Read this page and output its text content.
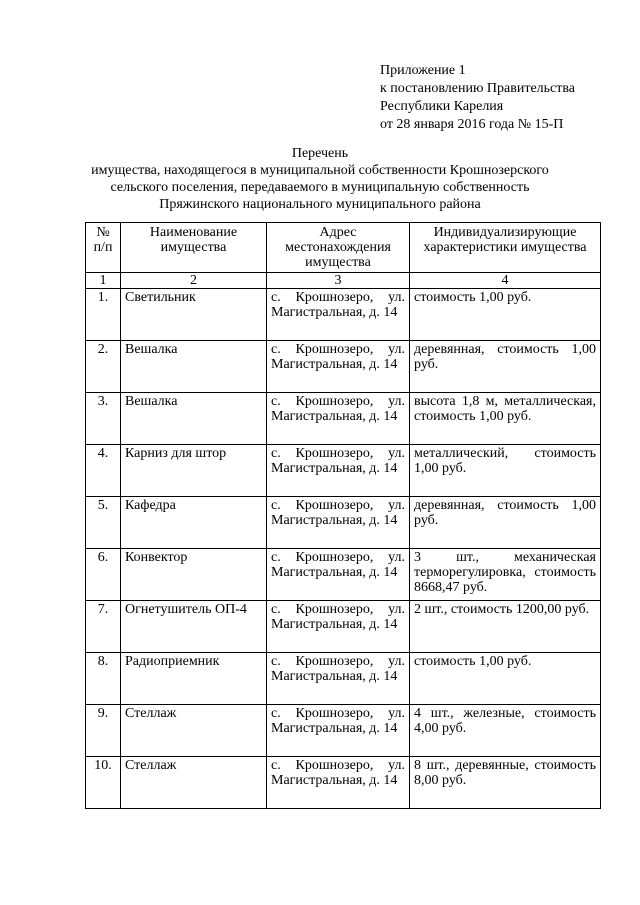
Приложение 1
к постановлению Правительства
Республики Карелия
от 28 января 2016 года № 15-П
Перечень
имущества, находящегося в муниципальной собственности Крошнозерского
сельского поселения, передаваемого в муниципальную собственность
Пряжинского национального муниципального района
№ п/п	Наименование имущества	Адрес местонахождения имущества	Индивидуализирующие характеристики имущества
1	2	3	4
1.	Светильник	с. Крошнозеро, ул. Магистральная, д. 14	стоимость 1,00 руб.
2.	Вешалка	с. Крошнозеро, ул. Магистральная, д. 14	деревянная, стоимость 1,00 руб.
3.	Вешалка	с. Крошнозеро, ул. Магистральная, д. 14	высота 1,8 м, металлическая, стоимость 1,00 руб.
4.	Карниз для штор	с. Крошнозеро, ул. Магистральная, д. 14	металлический, стоимость 1,00 руб.
5.	Кафедра	с. Крошнозеро, ул. Магистральная, д. 14	деревянная, стоимость 1,00 руб.
6.	Конвектор	с. Крошнозеро, ул. Магистральная, д. 14	3 шт., механическая терморегулировка, стоимость 8668,47 руб.
7.	Огнетушитель ОП-4	с. Крошнозеро, ул. Магистральная, д. 14	2 шт., стоимость 1200,00 руб.
8.	Радиоприемник	с. Крошнозеро, ул. Магистральная, д. 14	стоимость 1,00 руб.
9.	Стеллаж	с. Крошнозеро, ул. Магистральная, д. 14	4 шт., железные, стоимость 4,00 руб.
10.	Стеллаж	с. Крошнозеро, ул. Магистральная, д. 14	8 шт., деревянные, стоимость 8,00 руб.
